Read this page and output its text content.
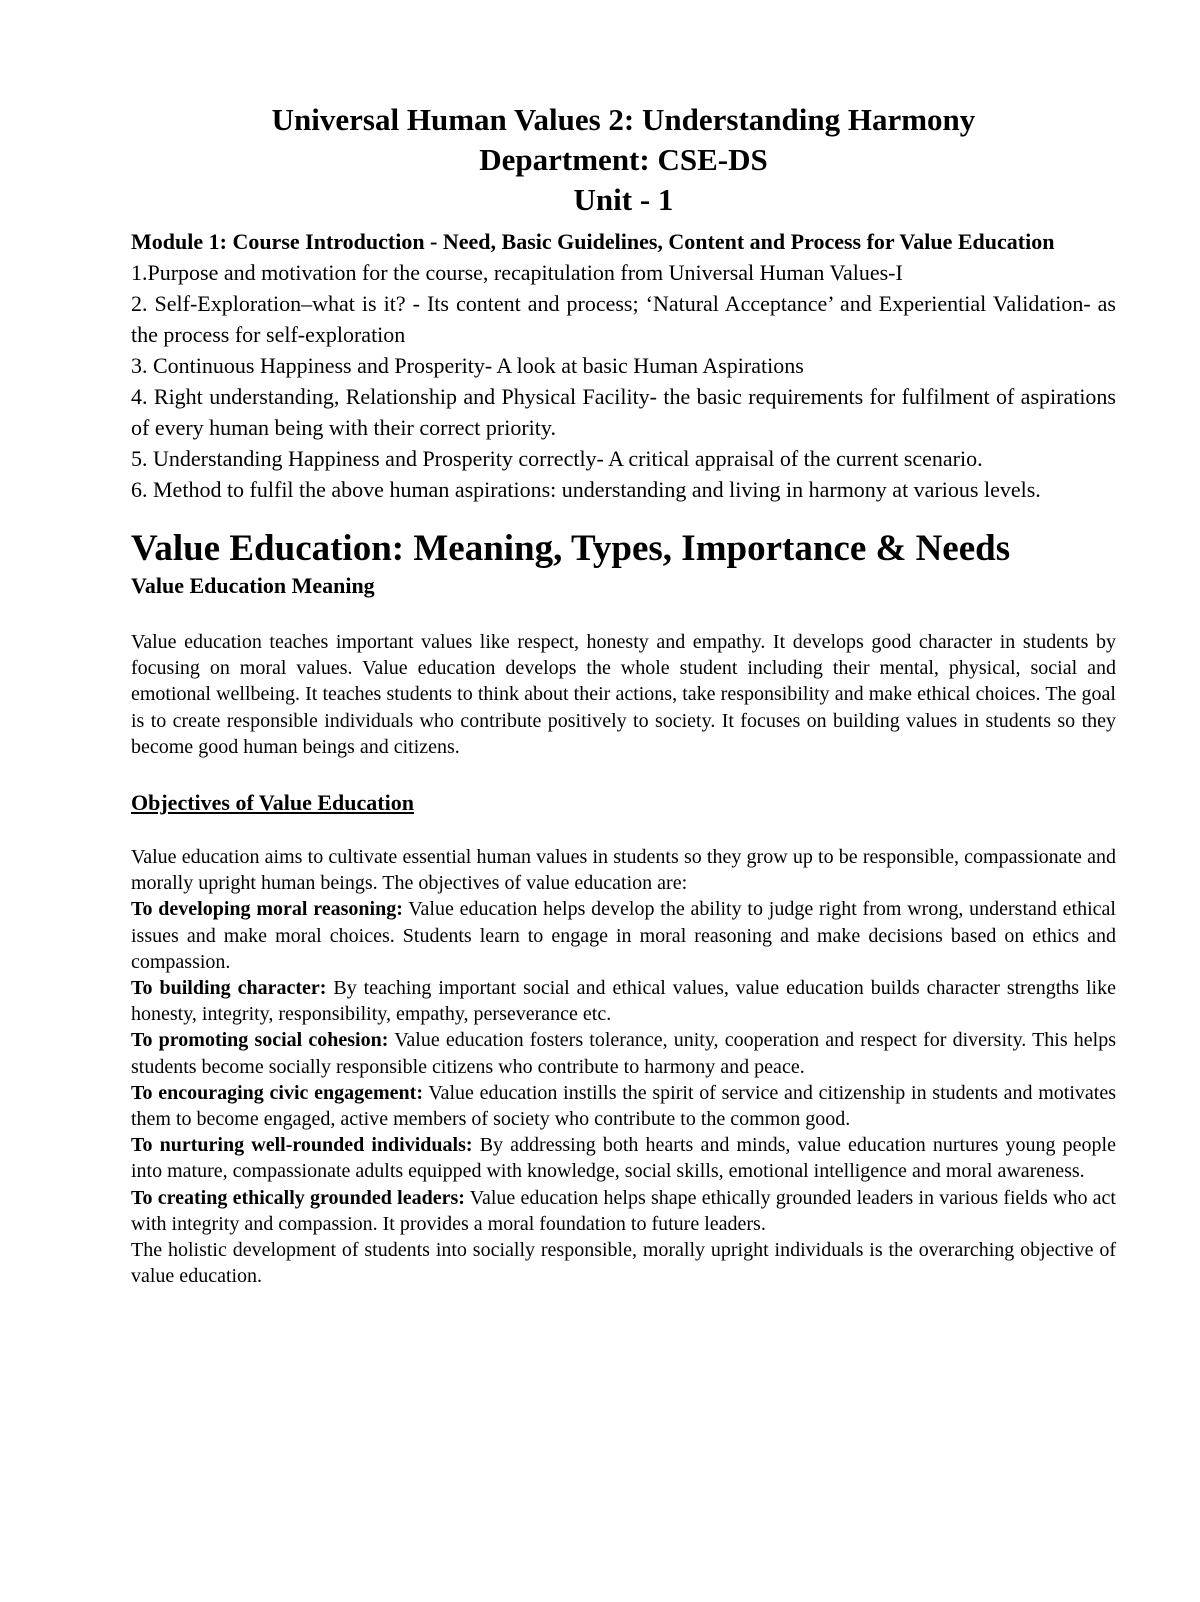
Universal Human Values 2: Understanding Harmony

Department: CSE-DS

Unit - 1

Module 1: Course Introduction - Need, Basic Guidelines, Content and Process for Value Education

1.Purpose and motivation for the course, recapitulation from Universal Human Values-I

2. Self-Exploration–what is it? - Its content and process; ‘Natural Acceptance’ and Experiential Validation- as the process for self-exploration

3. Continuous Happiness and Prosperity- A look at basic Human Aspirations

4. Right understanding, Relationship and Physical Facility- the basic requirements for fulfilment of aspirations of every human being with their correct priority.

5. Understanding Happiness and Prosperity correctly- A critical appraisal of the current scenario.

6. Method to fulfil the above human aspirations: understanding and living in harmony at various levels.

Value Education: Meaning, Types, Importance & Needs
Value Education Meaning

Value education teaches important values like respect, honesty and empathy. It develops good character in students by focusing on moral values. Value education develops the whole student including their mental, physical, social and emotional wellbeing. It teaches students to think about their actions, take responsibility and make ethical choices. The goal is to create responsible individuals who contribute positively to society. It focuses on building values in students so they become good human beings and citizens.

Objectives of Value Education

Value education aims to cultivate essential human values in students so they grow up to be responsible, compassionate and morally upright human beings. The objectives of value education are:

To developing moral reasoning: Value education helps develop the ability to judge right from wrong, understand ethical issues and make moral choices. Students learn to engage in moral reasoning and make decisions based on ethics and compassion.

To building character: By teaching important social and ethical values, value education builds character strengths like honesty, integrity, responsibility, empathy, perseverance etc.

To promoting social cohesion: Value education fosters tolerance, unity, cooperation and respect for diversity. This helps students become socially responsible citizens who contribute to harmony and peace.

To encouraging civic engagement: Value education instills the spirit of service and citizenship in students and motivates them to become engaged, active members of society who contribute to the common good.

To nurturing well-rounded individuals: By addressing both hearts and minds, value education nurtures young people into mature, compassionate adults equipped with knowledge, social skills, emotional intelligence and moral awareness.

To creating ethically grounded leaders: Value education helps shape ethically grounded leaders in various fields who act with integrity and compassion. It provides a moral foundation to future leaders.

The holistic development of students into socially responsible, morally upright individuals is the overarching objective of value education.
